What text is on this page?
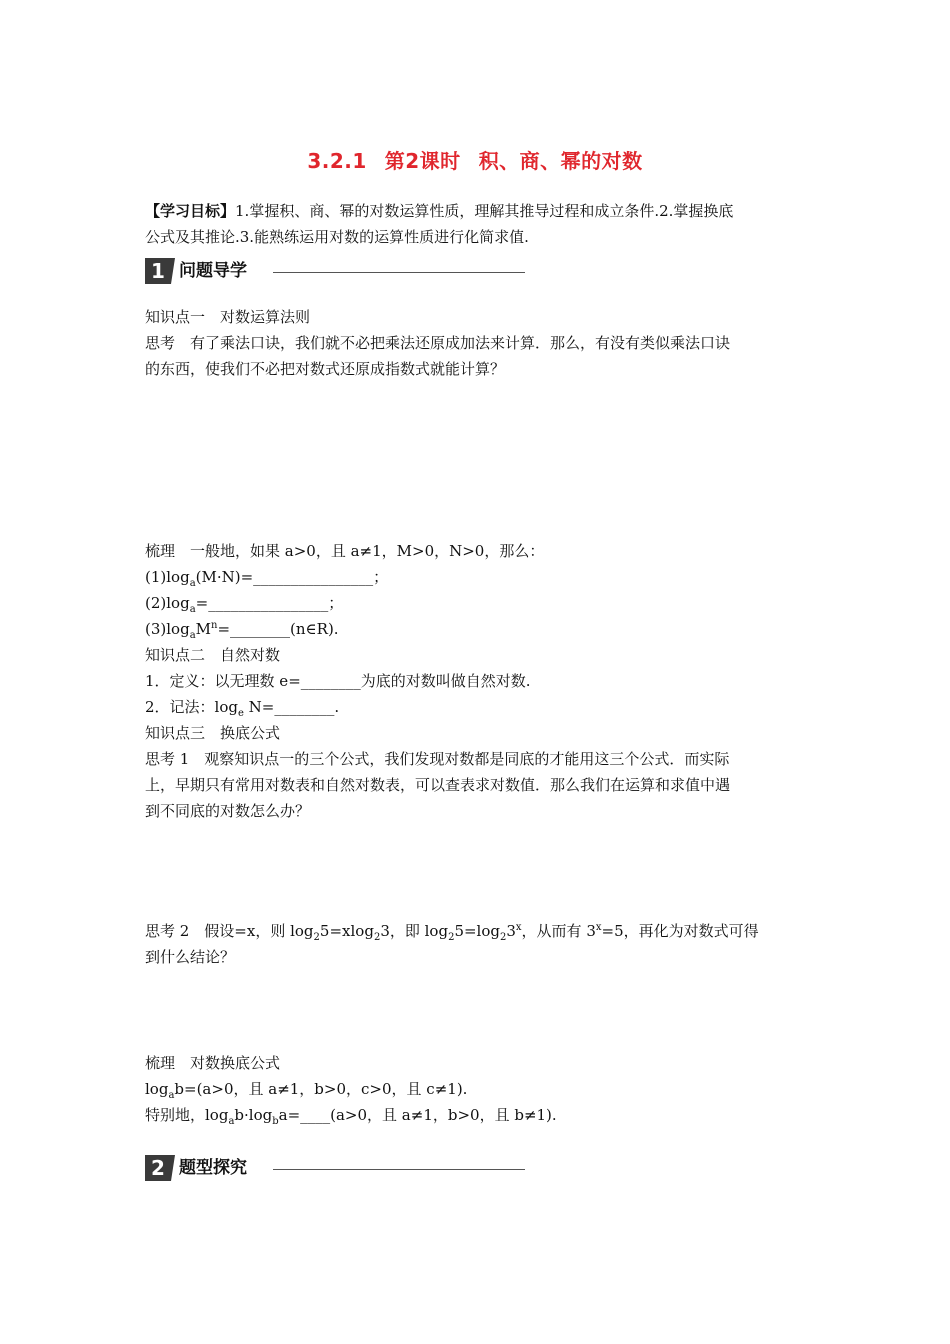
3.2.1 第2课时 积、商、幂的对数
【学习目标】1.掌握积、商、幂的对数运算性质，理解其推导过程和成立条件.2.掌握换底
公式及其推论.3.能熟练运用对数的运算性质进行化简求值.
1 问题导学
知识点一　对数运算法则
思考　有了乘法口诀，我们就不必把乘法还原成加法来计算．那么，有没有类似乘法口诀
的东西，使我们不必把对数式还原成指数式就能计算？
梳理　一般地，如果 a>0，且 a≠1，M>0，N>0，那么：
$(1)\log_a(M\cdot N)=\_\_\_\_\_\_\_\_\_\_\_\_\_\_\_\_$；
$(2)\log_a=\_\_\_\_\_\_\_\_\_\_\_\_\_\_\_\_$；
$(3)\log_aM^n=\_\_\_\_\_\_\_\_(n\in R)$.
知识点二　自然对数
1．定义：以无理数 e=________为底的对数叫做自然对数.
2．记法：$\log_e$ N=________.
知识点三　换底公式
思考 1　观察知识点一的三个公式，我们发现对数都是同底的才能用这三个公式．而实际
上，早期只有常用对数表和自然对数表，可以查表求对数值．那么我们在运算和求值中遇
到不同底的对数怎么办？
思考 2　假设=x，则 $\log_25=xlog_23$，即 $\log_25=\log_23^x$，从而有 $3^x=5$，再化为对数式可得
到什么结论？
梳理　对数换底公式
$\log_ab=(a>0$，且 a≠1，b>0，c>0，且 c≠1).
特别地，$\log_ab\cdot\log_ba=\_\_\_\_(a>0$，且 a≠1，b>0，且 b≠1).
2 题型探究
